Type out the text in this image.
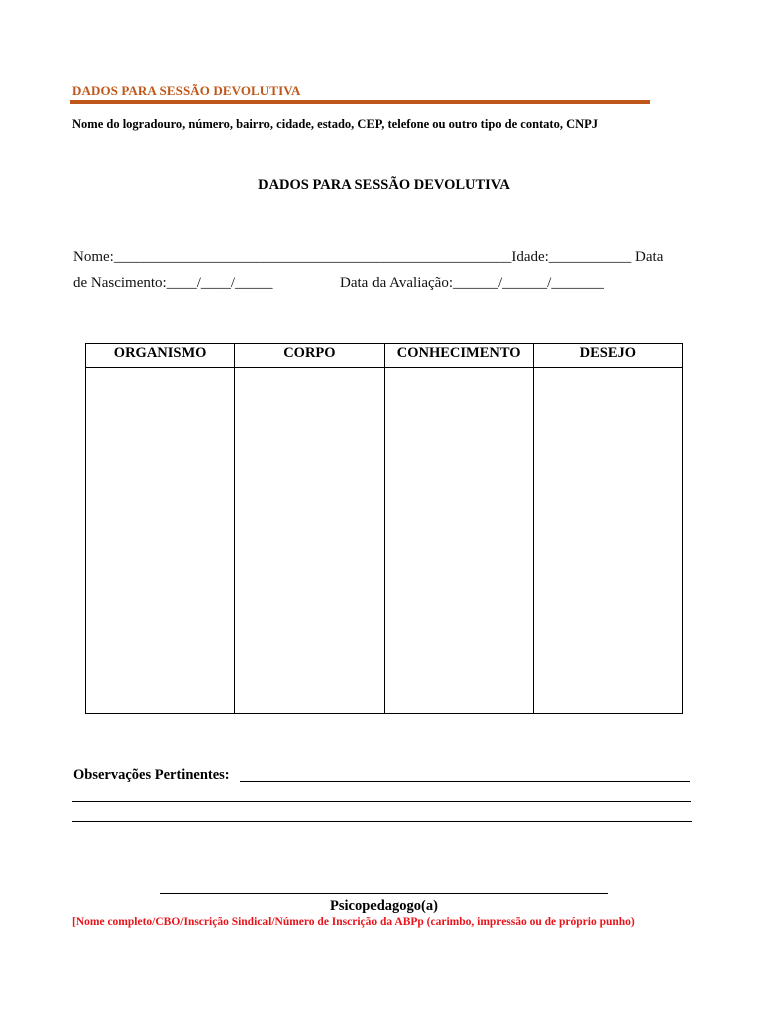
DADOS PARA SESSÃO DEVOLUTIVA
Nome do logradouro, número, bairro, cidade, estado, CEP, telefone ou outro tipo de contato, CNPJ
DADOS PARA SESSÃO DEVOLUTIVA
Nome:_____________________________________________________Idade:___________ Data
de Nascimento:____/____/_____	Data da Avaliação:______/______/_______
ORGANISMO	CORPO	CONHECIMENTO	DESEJO

Observações Pertinentes:
Psicopedagogo(a)
[Nome completo/CBO/Inscrição Sindical/Número de Inscrição da ABPp (carimbo, impressão ou de próprio punho)
